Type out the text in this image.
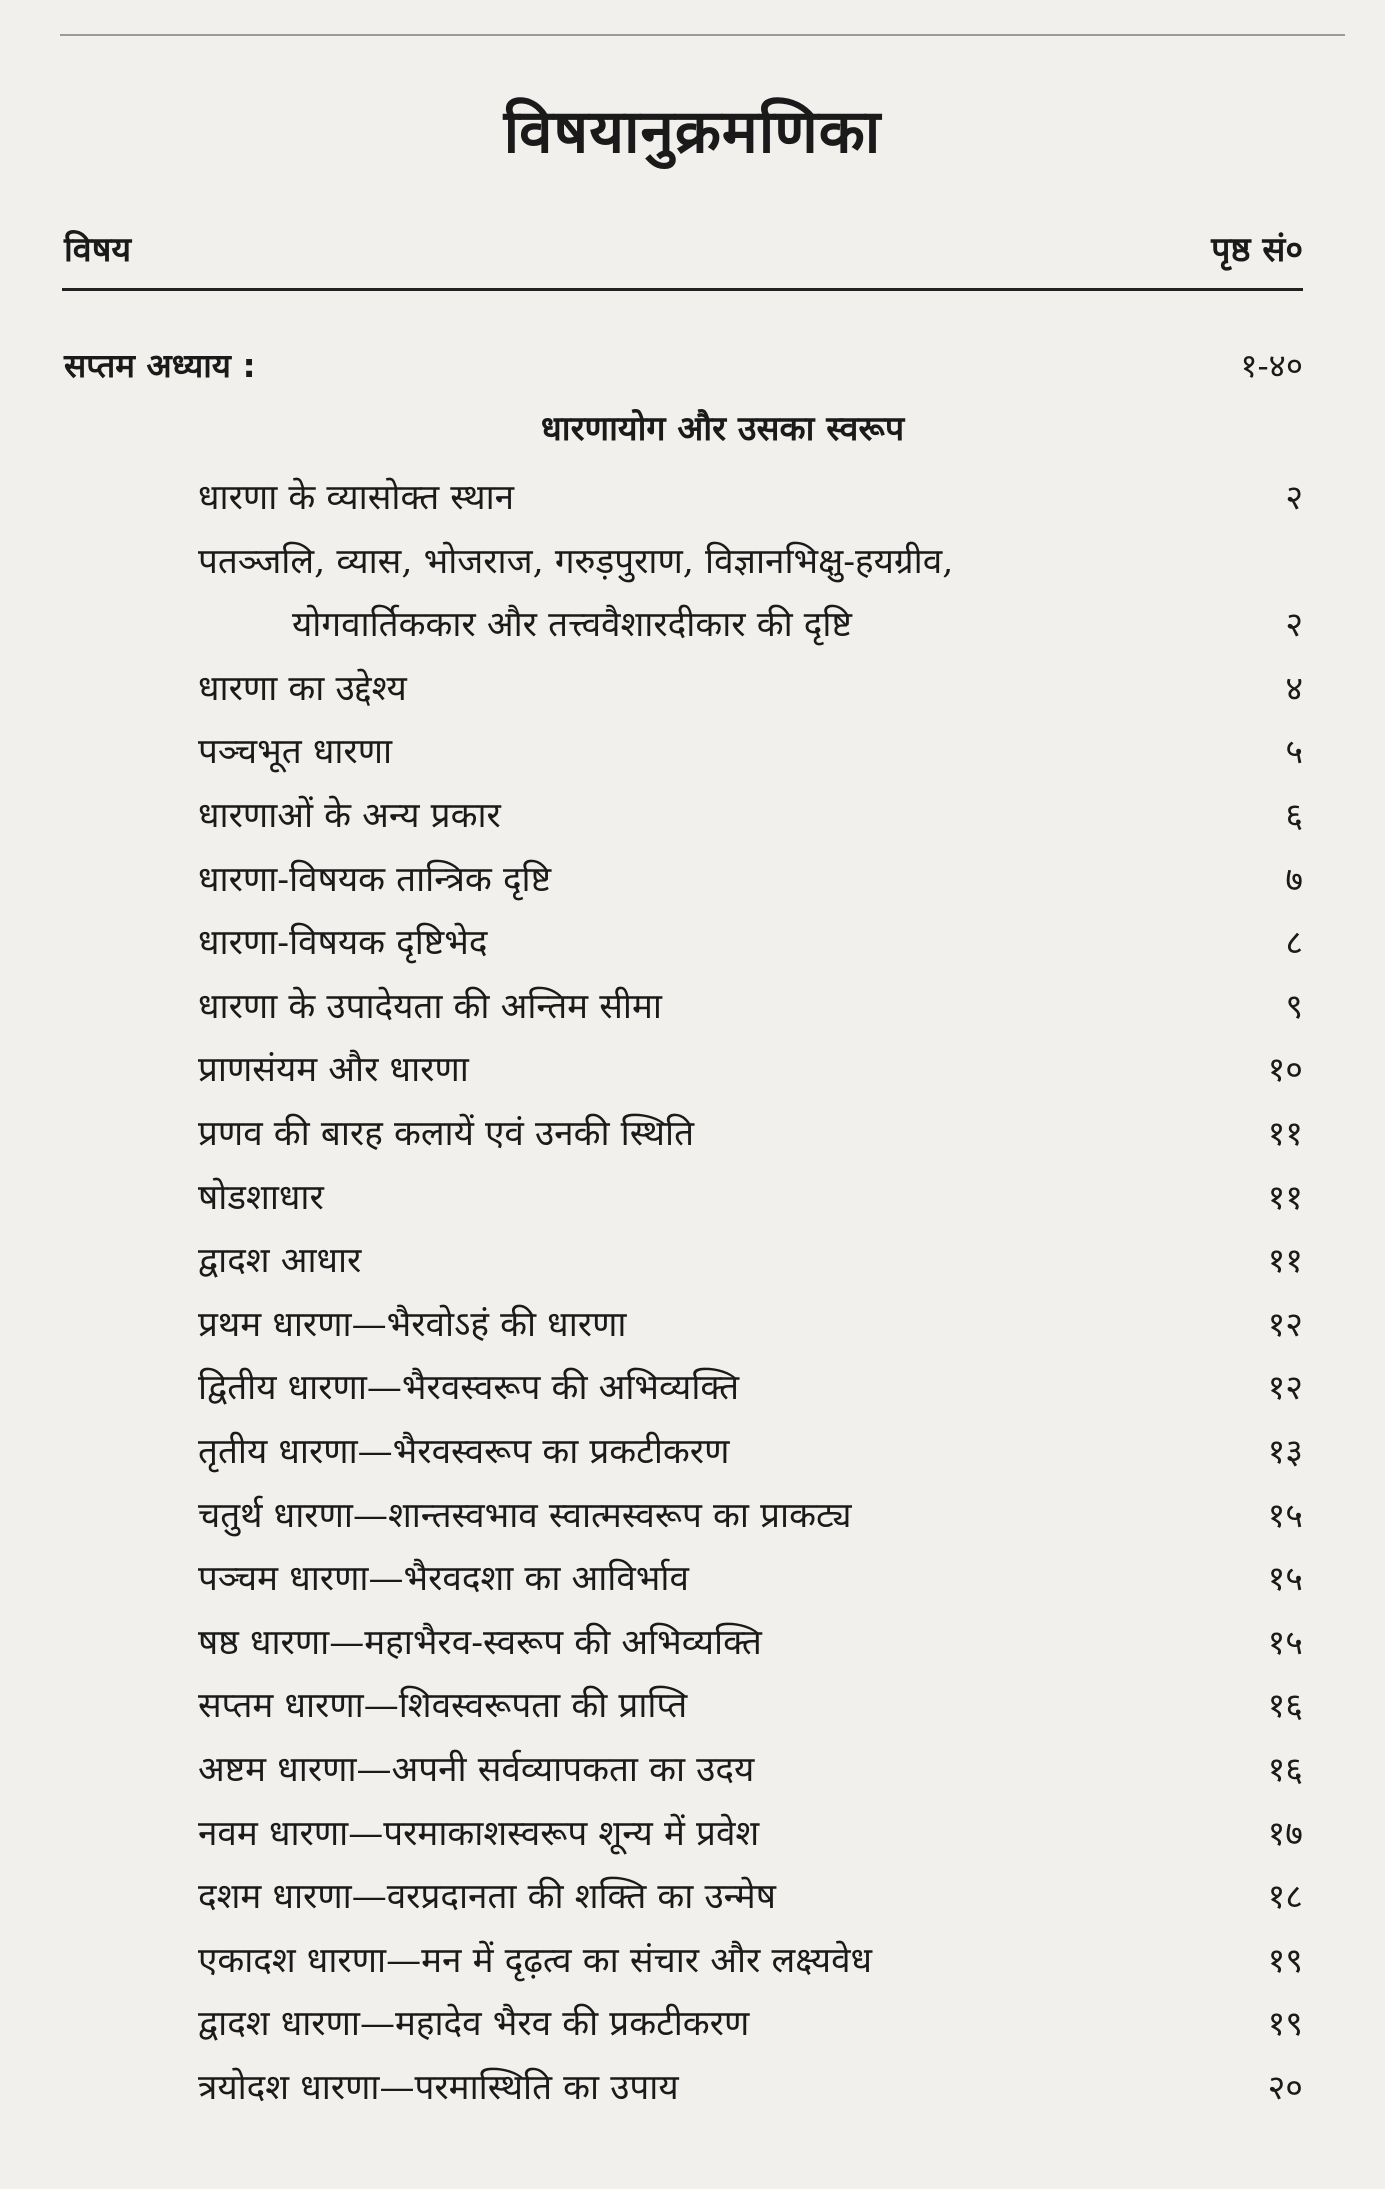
विषयानुक्रमणिका
विषय	पृष्ठ सं०
सप्तम अध्याय :	१-४०
धारणायोग और उसका स्वरूप
धारणा के व्यासोक्त स्थान	२
पतञ्जलि, व्यास, भोजराज, गरुड़पुराण, विज्ञानभिक्षु-हयग्रीव,
योगवार्तिककार और तत्त्ववैशारदीकार की दृष्टि	२
धारणा का उद्देश्य	४
पञ्चभूत धारणा	५
धारणाओं के अन्य प्रकार	६
धारणा-विषयक तान्त्रिक दृष्टि	७
धारणा-विषयक दृष्टिभेद	८
धारणा के उपादेयता की अन्तिम सीमा	९
प्राणसंयम और धारणा	१०
प्रणव की बारह कलायें एवं उनकी स्थिति	११
षोडशाधार	११
द्वादश आधार	११
प्रथम धारणा—भैरवोऽहं की धारणा	१२
द्वितीय धारणा—भैरवस्वरूप की अभिव्यक्ति	१२
तृतीय धारणा—भैरवस्वरूप का प्रकटीकरण	१३
चतुर्थ धारणा—शान्तस्वभाव स्वात्मस्वरूप का प्राकट्य	१५
पञ्चम धारणा—भैरवदशा का आविर्भाव	१५
षष्ठ धारणा—महाभैरव-स्वरूप की अभिव्यक्ति	१५
सप्तम धारणा—शिवस्वरूपता की प्राप्ति	१६
अष्टम धारणा—अपनी सर्वव्यापकता का उदय	१६
नवम धारणा—परमाकाशस्वरूप शून्य में प्रवेश	१७
दशम धारणा—वरप्रदानता की शक्ति का उन्मेष	१८
एकादश धारणा—मन में दृढ़त्व का संचार और लक्ष्यवेध	१९
द्वादश धारणा—महादेव भैरव की प्रकटीकरण	१९
त्रयोदश धारणा—परमास्थिति का उपाय	२०
